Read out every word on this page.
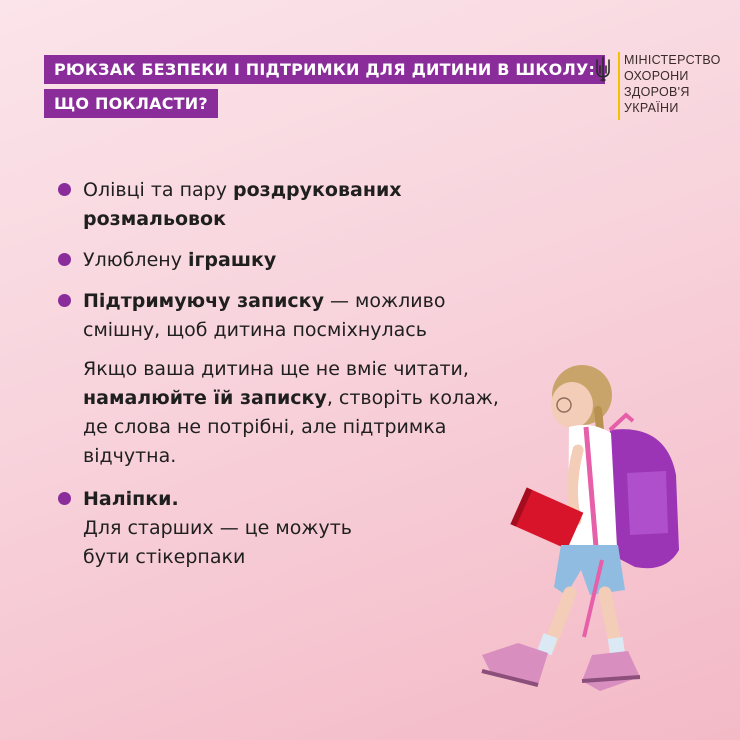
РЮКЗАК БЕЗПЕКИ І ПІДТРИМКИ ДЛЯ ДИТИНИ В ШКОЛУ:
ЩО ПОКЛАСТИ?
МІНІСТЕРСТВО
ОХОРОНИ
ЗДОРОВ'Я
УКРАЇНИ
Олівці та пару роздрукованих розмальовок
Улюблену іграшку
Підтримуючу записку — можливо смішну, щоб дитина посміхнулась
Якщо ваша дитина ще не вміє читати, намалюйте їй записку, створіть колаж, де слова не потрібні, але підтримка відчутна.
Наліпки.
Для старших — це можуть бути стікерпаки
